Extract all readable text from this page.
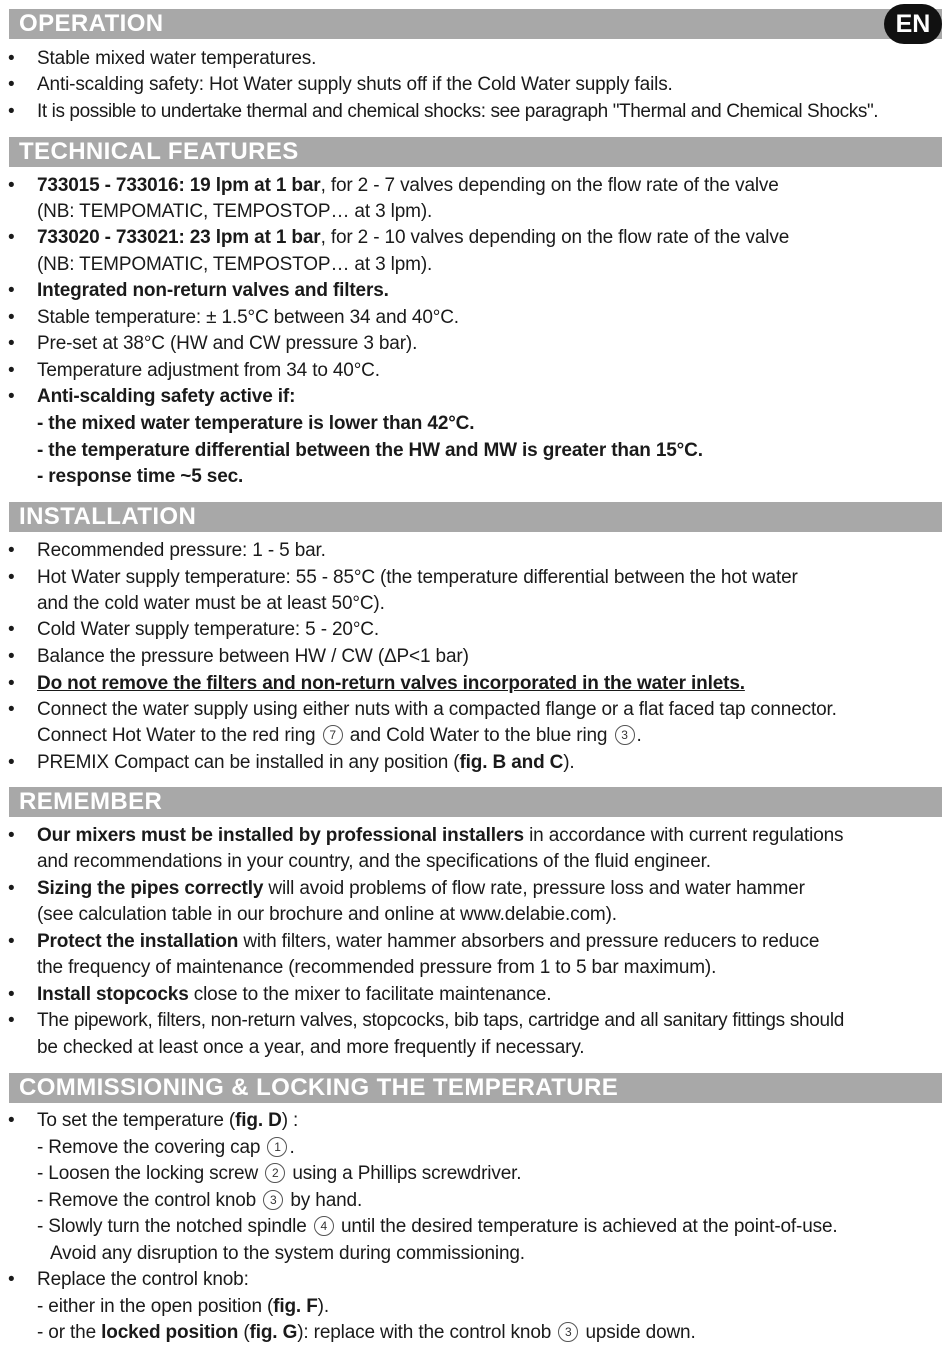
OPERATION	EN
• Stable mixed water temperatures.
• Anti-scalding safety: Hot Water supply shuts off if the Cold Water supply fails.
• It is possible to undertake thermal and chemical shocks: see paragraph "Thermal and Chemical Shocks".
TECHNICAL FEATURES
• 733015 - 733016: 19 lpm at 1 bar, for 2 - 7 valves depending on the flow rate of the valve
(NB: TEMPOMATIC, TEMPOSTOP… at 3 lpm).
• 733020 - 733021: 23 lpm at 1 bar, for 2 - 10 valves depending on the flow rate of the valve
(NB: TEMPOMATIC, TEMPOSTOP… at 3 lpm).
• Integrated non-return valves and filters.
• Stable temperature: ± 1.5°C between 34 and 40°C.
• Pre-set at 38°C (HW and CW pressure 3 bar).
• Temperature adjustment from 34 to 40°C.
• Anti-scalding safety active if:
- the mixed water temperature is lower than 42°C.
- the temperature differential between the HW and MW is greater than 15°C.
- response time ~5 sec.
INSTALLATION
• Recommended pressure: 1 - 5 bar.
• Hot Water supply temperature: 55 - 85°C (the temperature differential between the hot water
and the cold water must be at least 50°C).
• Cold Water supply temperature: 5 - 20°C.
• Balance the pressure between HW / CW (ΔP<1 bar)
• Do not remove the filters and non-return valves incorporated in the water inlets.
• Connect the water supply using either nuts with a compacted flange or a flat faced tap connector.
Connect Hot Water to the red ring 7 and Cold Water to the blue ring 3 .
• PREMIX Compact can be installed in any position (fig. B and C).
REMEMBER
• Our mixers must be installed by professional installers in accordance with current regulations
and recommendations in your country, and the specifications of the fluid engineer.
• Sizing the pipes correctly will avoid problems of flow rate, pressure loss and water hammer
(see calculation table in our brochure and online at www.delabie.com).
• Protect the installation with filters, water hammer absorbers and pressure reducers to reduce
the frequency of maintenance (recommended pressure from 1 to 5 bar maximum).
• Install stopcocks close to the mixer to facilitate maintenance.
• The pipework, filters, non-return valves, stopcocks, bib taps, cartridge and all sanitary fittings should
be checked at least once a year, and more frequently if necessary.
COMMISSIONING & LOCKING THE TEMPERATURE
• To set the temperature (fig. D) :
- Remove the covering cap 1 .
- Loosen the locking screw 2 using a Phillips screwdriver.
- Remove the control knob 3 by hand.
- Slowly turn the notched spindle 4 until the desired temperature is achieved at the point-of-use.
Avoid any disruption to the system during commissioning.
• Replace the control knob:
- either in the open position (fig. F).
- or the locked position (fig. G): replace with the control knob 3 upside down.
